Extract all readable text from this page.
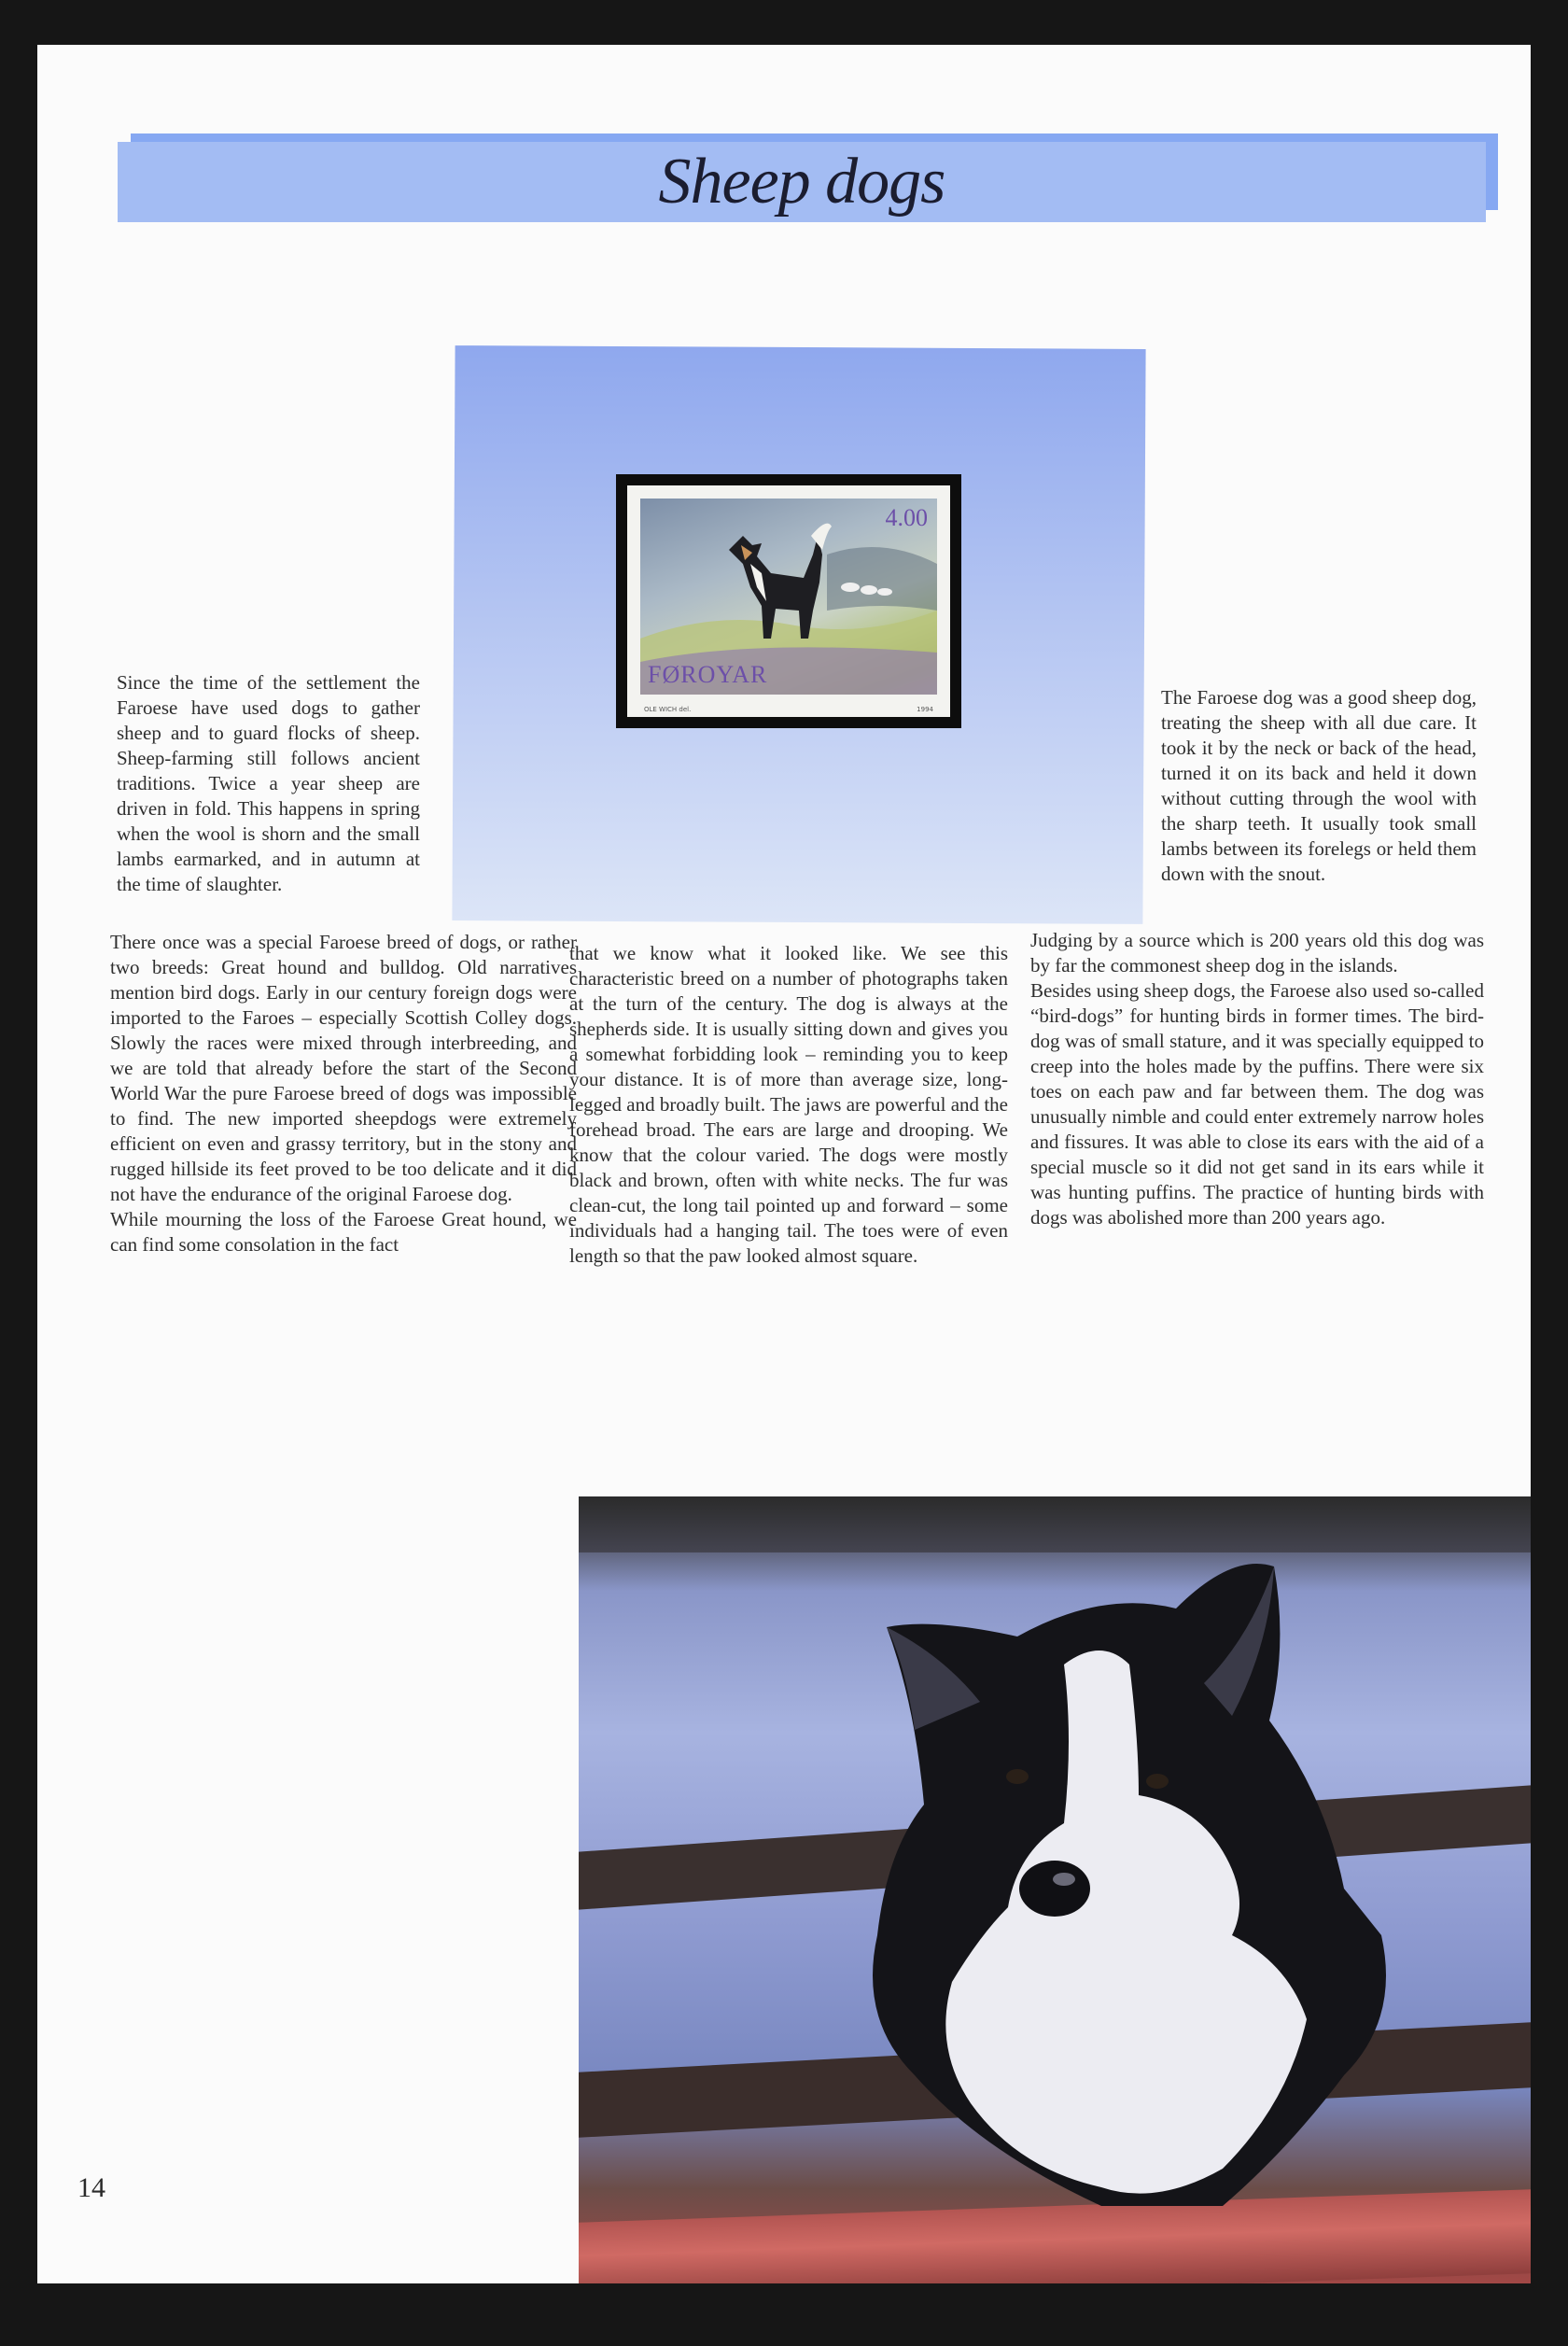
Sheep dogs
4.00
FØROYAR
OLE WICH del.	1994

Since the time of the settlement the Faroese have used dogs to gather sheep and to guard flocks of sheep. Sheep-farming still follows ancient traditions. Twice a year sheep are driven in fold. This happens in spring when the wool is shorn and the small lambs earmarked, and in autumn at the time of slaughter.

There once was a special Faroese breed of dogs, or rather two breeds: Great hound and bulldog. Old narratives mention bird dogs. Early in our century foreign dogs were imported to the Faroes – especially Scottish Colley dogs. Slowly the races were mixed through interbreeding, and we are told that already before the start of the Second World War the pure Faroese breed of dogs was impossible to find. The new imported sheepdogs were extremely efficient on even and grassy territory, but in the stony and rugged hillside its feet proved to be too delicate and it did not have the endurance of the original Faroese dog.

While mourning the loss of the Faroese Great hound, we can find some consolation in the fact

that we know what it looked like. We see this characteristic breed on a number of photographs taken at the turn of the century. The dog is always at the shepherds side. It is usually sitting down and gives you a somewhat forbidding look – reminding you to keep your distance. It is of more than average size, long-legged and broadly built. The jaws are powerful and the forehead broad. The ears are large and drooping. We know that the colour varied. The dogs were mostly black and brown, often with white necks. The fur was clean-cut, the long tail pointed up and forward – some individuals had a hanging tail. The toes were of even length so that the paw looked almost square.

The Faroese dog was a good sheep dog, treating the sheep with all due care. It took it by the neck or back of the head, turned it on its back and held it down without cutting through the wool with the sharp teeth. It usually took small lambs between its forelegs or held them down with the snout.

Judging by a source which is 200 years old this dog was by far the commonest sheep dog in the islands.

Besides using sheep dogs, the Faroese also used so-called “bird-dogs” for hunting birds in former times. The bird-dog was of small stature, and it was specially equipped to creep into the holes made by the puffins. There were six toes on each paw and far between them. The dog was unusually nimble and could enter extremely narrow holes and fissures. It was able to close its ears with the aid of a special muscle so it did not get sand in its ears while it was hunting puffins. The practice of hunting birds with dogs was abolished more than 200 years ago.

14
